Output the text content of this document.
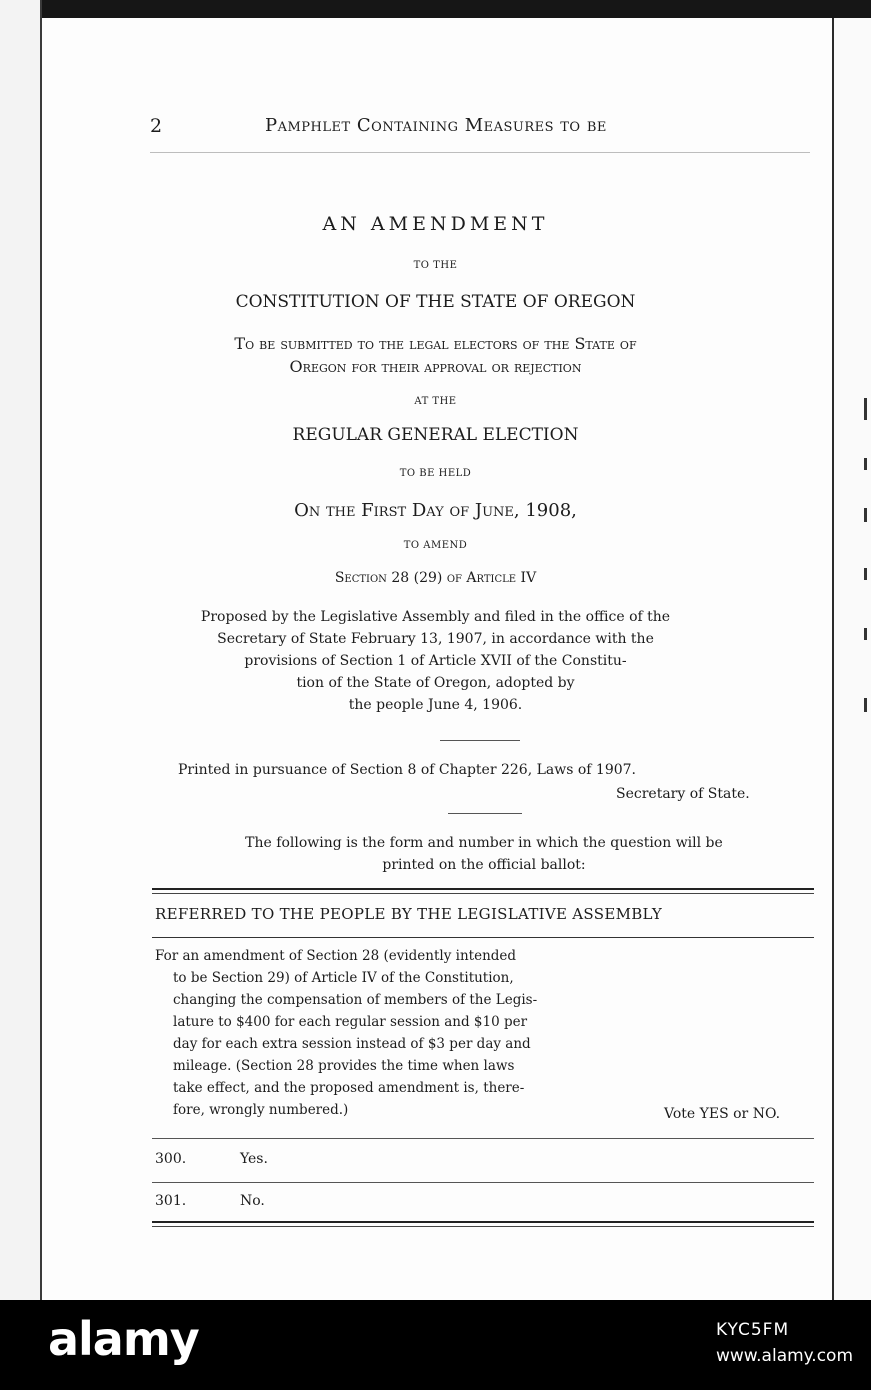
2	Pamphlet Containing Measures to be
AN AMENDMENT
TO THE
CONSTITUTION OF THE STATE OF OREGON
To be submitted to the legal electors of the State of
Oregon for their approval or rejection
AT THE
REGULAR GENERAL ELECTION
TO BE HELD
On the First Day of June, 1908,
TO AMEND
Section 28 (29) of Article IV
Proposed by the Legislative Assembly and filed in the office of the
Secretary of State February 13, 1907, in accordance with the
provisions of Section 1 of Article XVII of the Constitu-
tion of the State of Oregon, adopted by
the people June 4, 1906.
Printed in pursuance of Section 8 of Chapter 226, Laws of 1907.
Secretary of State.
The following is the form and number in which the question will be
printed on the official ballot:
REFERRED TO THE PEOPLE BY THE LEGISLATIVE ASSEMBLY
For an amendment of Section 28 (evidently intended
to be Section 29) of Article IV of the Constitution,
changing the compensation of members of the Legis-
lature to $400 for each regular session and $10 per
day for each extra session instead of $3 per day and
mileage. (Section 28 provides the time when laws
take effect, and the proposed amendment is, there-
fore, wrongly numbered.)	Vote YES or NO.
300.	Yes.
301.	No.
alamy	KYC5FM
www.alamy.com
